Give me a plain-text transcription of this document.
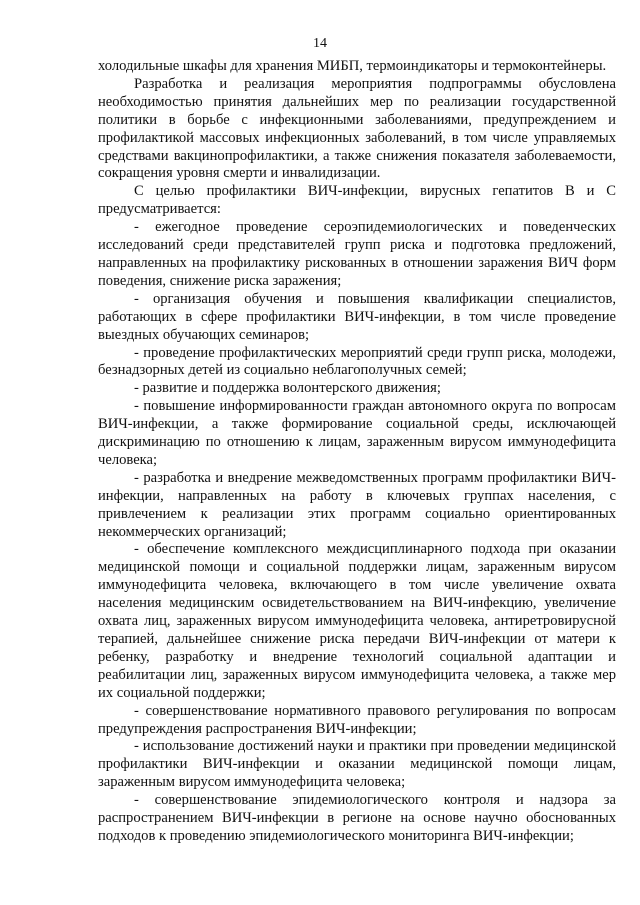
14

холодильные шкафы для хранения МИБП, термоиндикаторы и термоконтейнеры.

Разработка и реализация мероприятия подпрограммы обусловлена необходимостью принятия дальнейших мер по реализации государственной политики в борьбе с инфекционными заболеваниями, предупреждением и профилактикой массовых инфекционных заболеваний, в том числе управляемых средствами вакцинопрофилактики, а также снижения показателя заболеваемости, сокращения уровня смерти и инвалидизации.

С целью профилактики ВИЧ-инфекции, вирусных гепатитов В и С предусматривается:

- ежегодное проведение сероэпидемиологических и поведенческих исследований среди представителей групп риска и подготовка предложений, направленных на профилактику рискованных в отношении заражения ВИЧ форм поведения, снижение риска заражения;

- организация обучения и повышения квалификации специалистов, работающих в сфере профилактики ВИЧ-инфекции, в том числе проведение выездных обучающих семинаров;

- проведение профилактических мероприятий среди групп риска, молодежи, безнадзорных детей из социально неблагополучных семей;

- развитие и поддержка волонтерского движения;

- повышение информированности граждан автономного округа по вопросам ВИЧ-инфекции, а также формирование социальной среды, исключающей дискриминацию по отношению к лицам, зараженным вирусом иммунодефицита человека;

- разработка и внедрение межведомственных программ профилактики ВИЧ-инфекции, направленных на работу в ключевых группах населения, с привлечением к реализации этих программ социально ориентированных некоммерческих организаций;

- обеспечение комплексного междисциплинарного подхода при оказании медицинской помощи и социальной поддержки лицам, зараженным вирусом иммунодефицита человека, включающего в том числе увеличение охвата населения медицинским освидетельствованием на ВИЧ-инфекцию, увеличение охвата лиц, зараженных вирусом иммунодефицита человека, антиретровирусной терапией, дальнейшее снижение риска передачи ВИЧ-инфекции от матери к ребенку, разработку и внедрение технологий социальной адаптации и реабилитации лиц, зараженных вирусом иммунодефицита человека, а также мер их социальной поддержки;

- совершенствование нормативного правового регулирования по вопросам предупреждения распространения ВИЧ-инфекции;

- использование достижений науки и практики при проведении медицинской профилактики ВИЧ-инфекции и оказании медицинской помощи лицам, зараженным вирусом иммунодефицита человека;

- совершенствование эпидемиологического контроля и надзора за распространением ВИЧ-инфекции в регионе на основе научно обоснованных подходов к проведению эпидемиологического мониторинга ВИЧ-инфекции;
